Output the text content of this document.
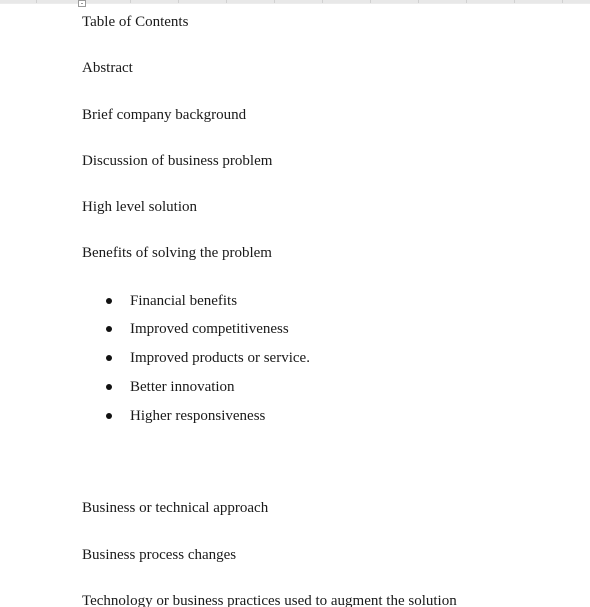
Table of Contents
Abstract
Brief company background
Discussion of business problem
High level solution
Benefits of solving the problem
Financial benefits
Improved competitiveness
Improved products or service.
Better innovation
Higher responsiveness
Business or technical approach
Business process changes
Technology or business practices used to augment the solution
